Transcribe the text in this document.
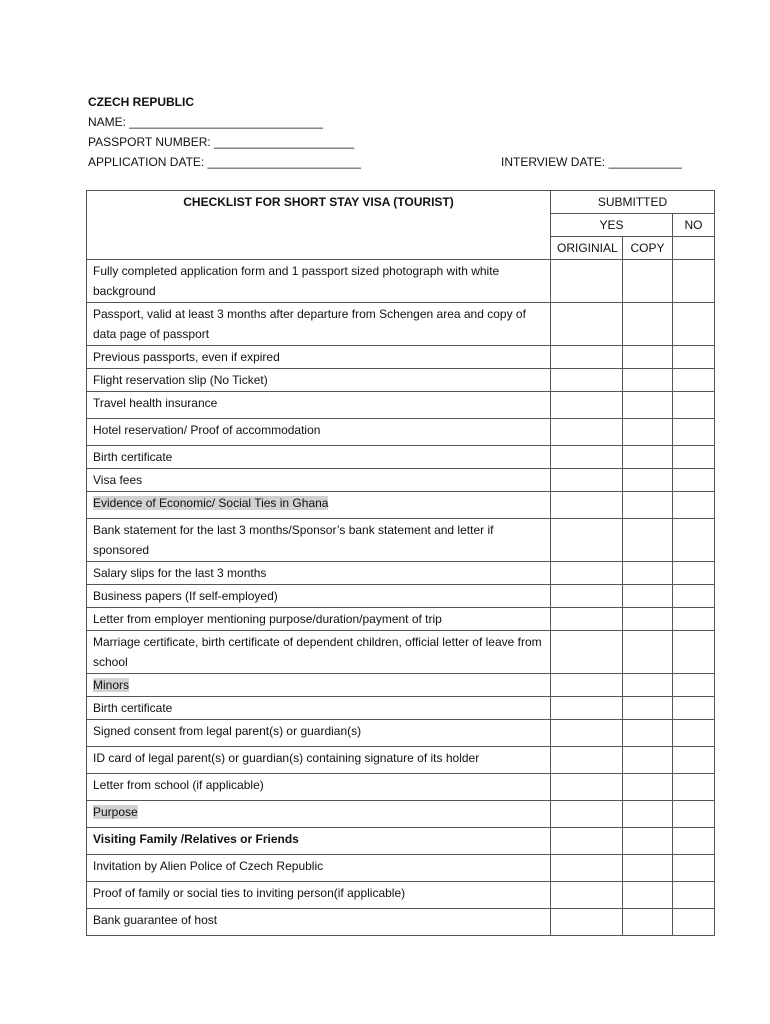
CZECH REPUBLIC
NAME: _____________________________
PASSPORT NUMBER: _____________________
APPLICATION DATE: _______________________	INTERVIEW DATE: ___________
CHECKLIST FOR SHORT STAY VISA (TOURIST)	SUBMITTED		
	YES		NO
	ORIGINIAL	COPY	
Fully completed application form and 1 passport sized photograph with white background			
Passport, valid at least 3 months after departure from Schengen area and copy of data page of passport			
Previous passports, even if expired			
Flight reservation slip (No Ticket)			
Travel health insurance			
Hotel reservation/ Proof of accommodation			
Birth certificate			
Visa fees			
Evidence of Economic/ Social Ties in Ghana			
Bank statement for the last 3 months/Sponsor’s bank statement and letter if sponsored			
Salary slips for the last 3 months			
Business papers (If self-employed)			
Letter from employer mentioning purpose/duration/payment of trip			
Marriage certificate, birth certificate of dependent children, official letter of leave from school			
Minors			
Birth certificate			
Signed consent from legal parent(s) or guardian(s)			
ID card of legal parent(s) or guardian(s) containing signature of its holder			
Letter from school (if applicable)			
Purpose			
Visiting Family /Relatives or Friends			
Invitation by Alien Police of Czech Republic			
Proof of family or social ties to inviting person(if applicable)			
Bank guarantee of host			
